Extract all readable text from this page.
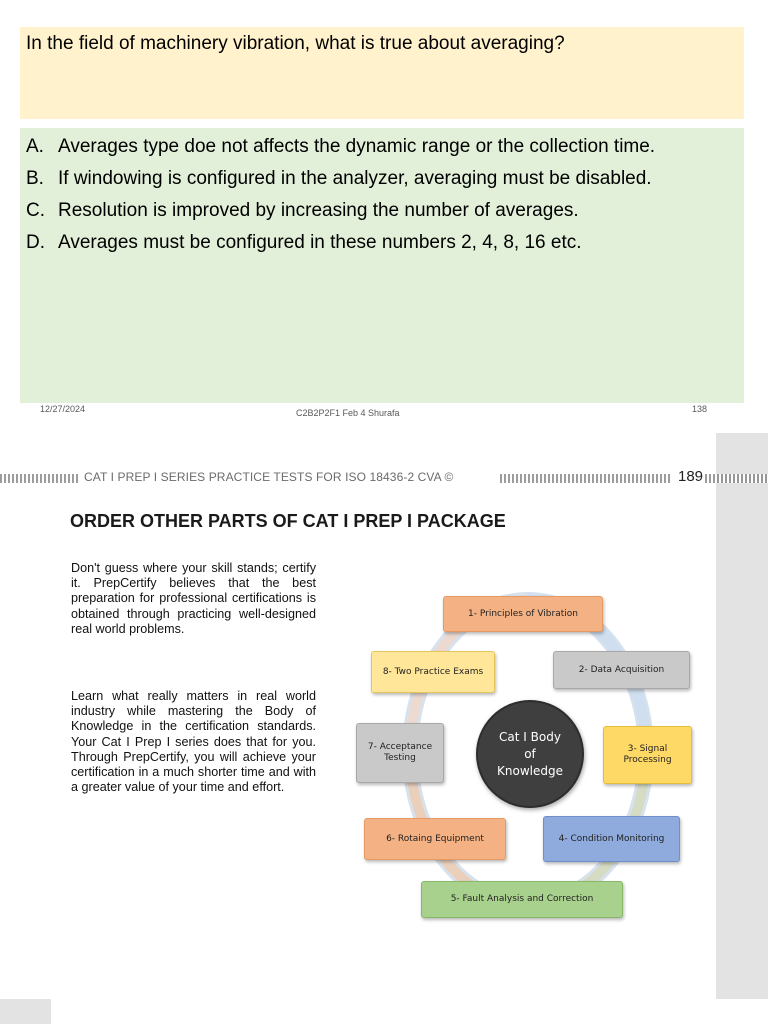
In the field of machinery vibration, what is true about averaging?
A. Averages type doe not affects the dynamic range or the collection time.
B. If windowing is configured in the analyzer, averaging must be disabled.
C. Resolution is improved by increasing the number of averages.
D. Averages must be configured in these numbers 2, 4, 8, 16 etc.
12/27/2024	C2B2P2F1 Feb 4 Shurafa	138
CAT I PREP I SERIES PRACTICE TESTS FOR ISO 18436-2 CVA ©	189
ORDER OTHER PARTS OF CAT I PREP I PACKAGE
Don't guess where your skill stands; certify it. PrepCertify believes that the best preparation for professional certifications is obtained through practicing well-designed real world problems.
Learn what really matters in real world industry while mastering the Body of Knowledge in the certification standards. Your Cat I Prep I series does that for you. Through PrepCertify, you will achieve your certification in a much shorter time and with a greater value of your time and effort.
1- Principles of Vibration
2- Data Acquisition
3- Signal Processing
4- Condition Monitoring
5- Fault Analysis and Correction
6- Rotaing Equipment
7- Acceptance Testing
8- Two Practice Exams
Cat I Body
of
Knowledge
